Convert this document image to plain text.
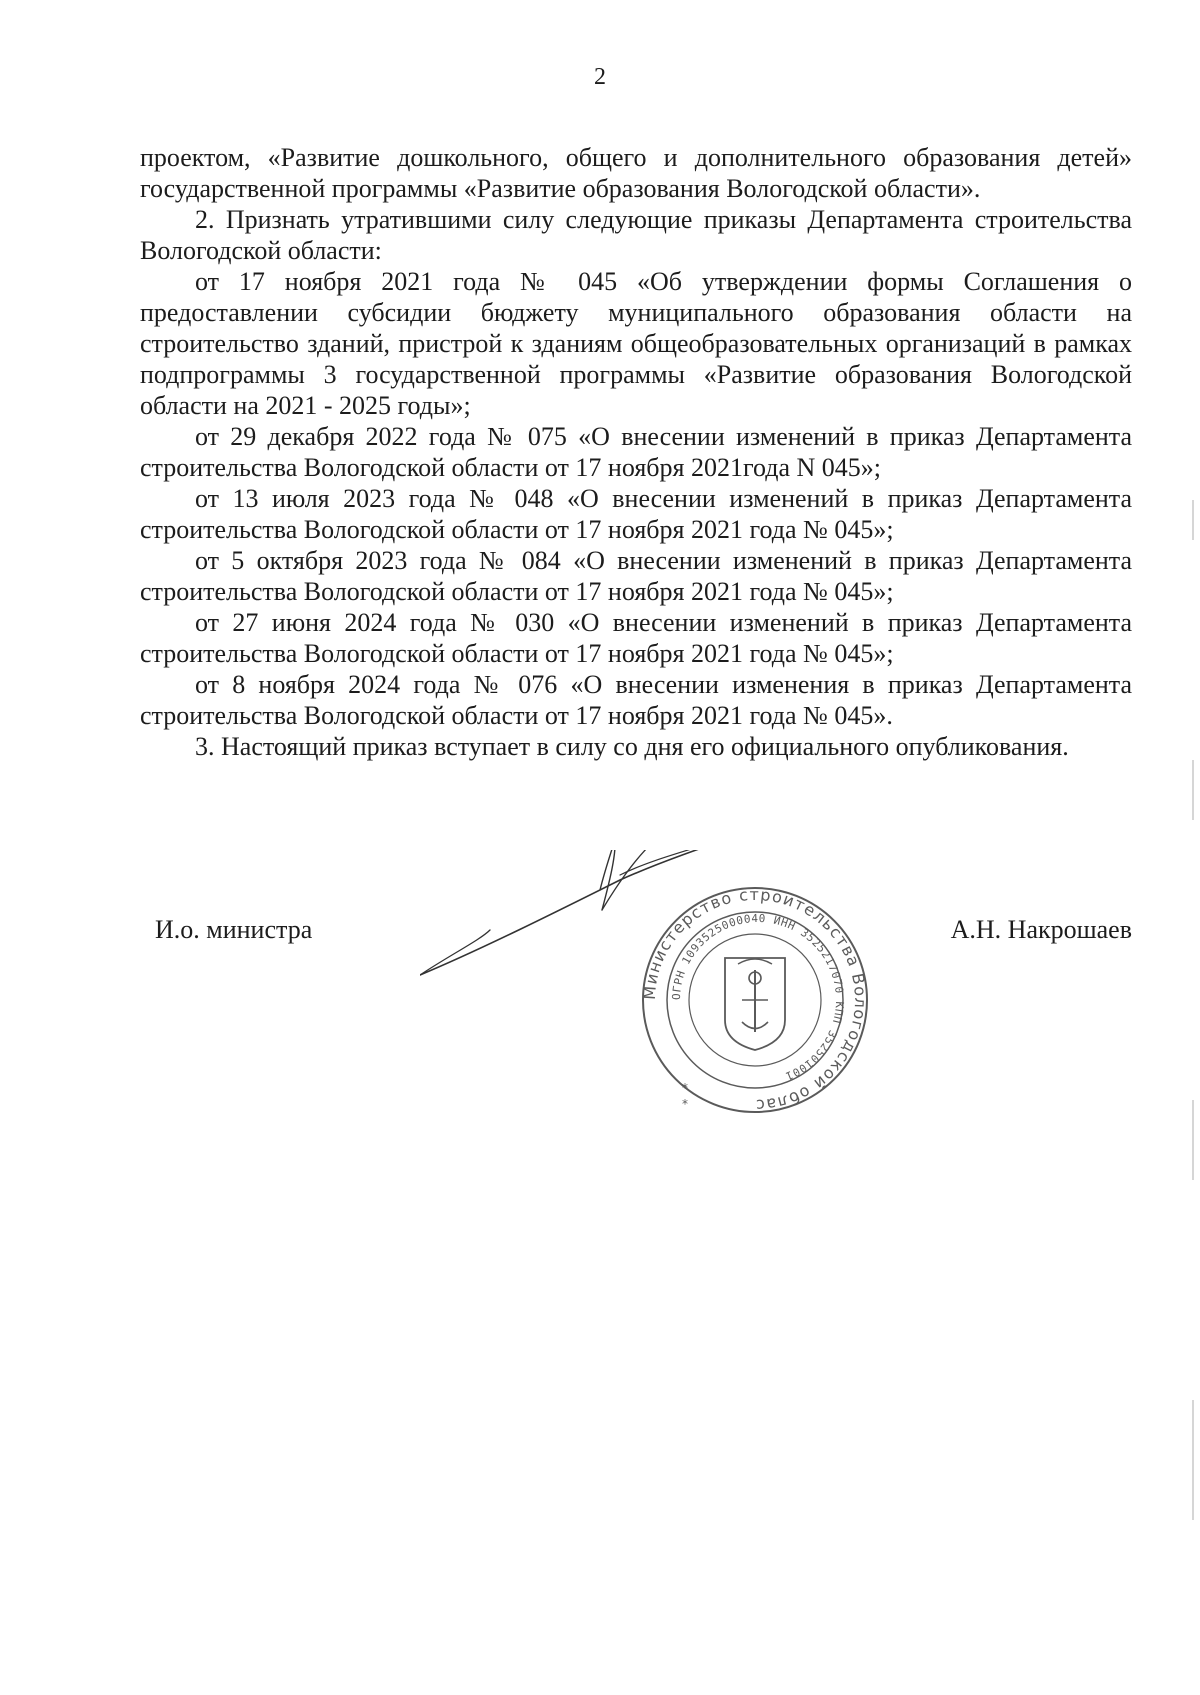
2

проектом, «Развитие дошкольного, общего и дополнительного образования детей» государственной программы «Развитие образования Вологодской области».

2. Признать утратившими силу следующие приказы Департамента строительства Вологодской области:

от 17 ноября 2021 года № 045 «Об утверждении формы Соглашения о предоставлении субсидии бюджету муниципального образования области на строительство зданий, пристрой к зданиям общеобразовательных организаций в рамках подпрограммы 3 государственной программы «Развитие образования Вологодской области на 2021 - 2025 годы»;

от 29 декабря 2022 года № 075 «О внесении изменений в приказ Департамента строительства Вологодской области от 17 ноября 2021года N 045»;

от 13 июля 2023 года № 048 «О внесении изменений в приказ Департамента строительства Вологодской области от 17 ноября 2021 года № 045»;

от 5 октября 2023 года № 084 «О внесении изменений в приказ Департамента строительства Вологодской области от 17 ноября 2021 года № 045»;

от 27 июня 2024 года № 030 «О внесении изменений в приказ Департамента строительства Вологодской области от 17 ноября 2021 года № 045»;

от 8 ноября 2024 года № 076 «О внесении изменения в приказ Департамента строительства Вологодской области от 17 ноября 2021 года № 045».

3. Настоящий приказ вступает в силу со дня его официального опубликования.

И.о. министра	А.Н. Накрошаев
Министерство строительства Вологодской облас
ОГРН 1093525000040 ИНН 3525217070 КПП 352501001
*
*
